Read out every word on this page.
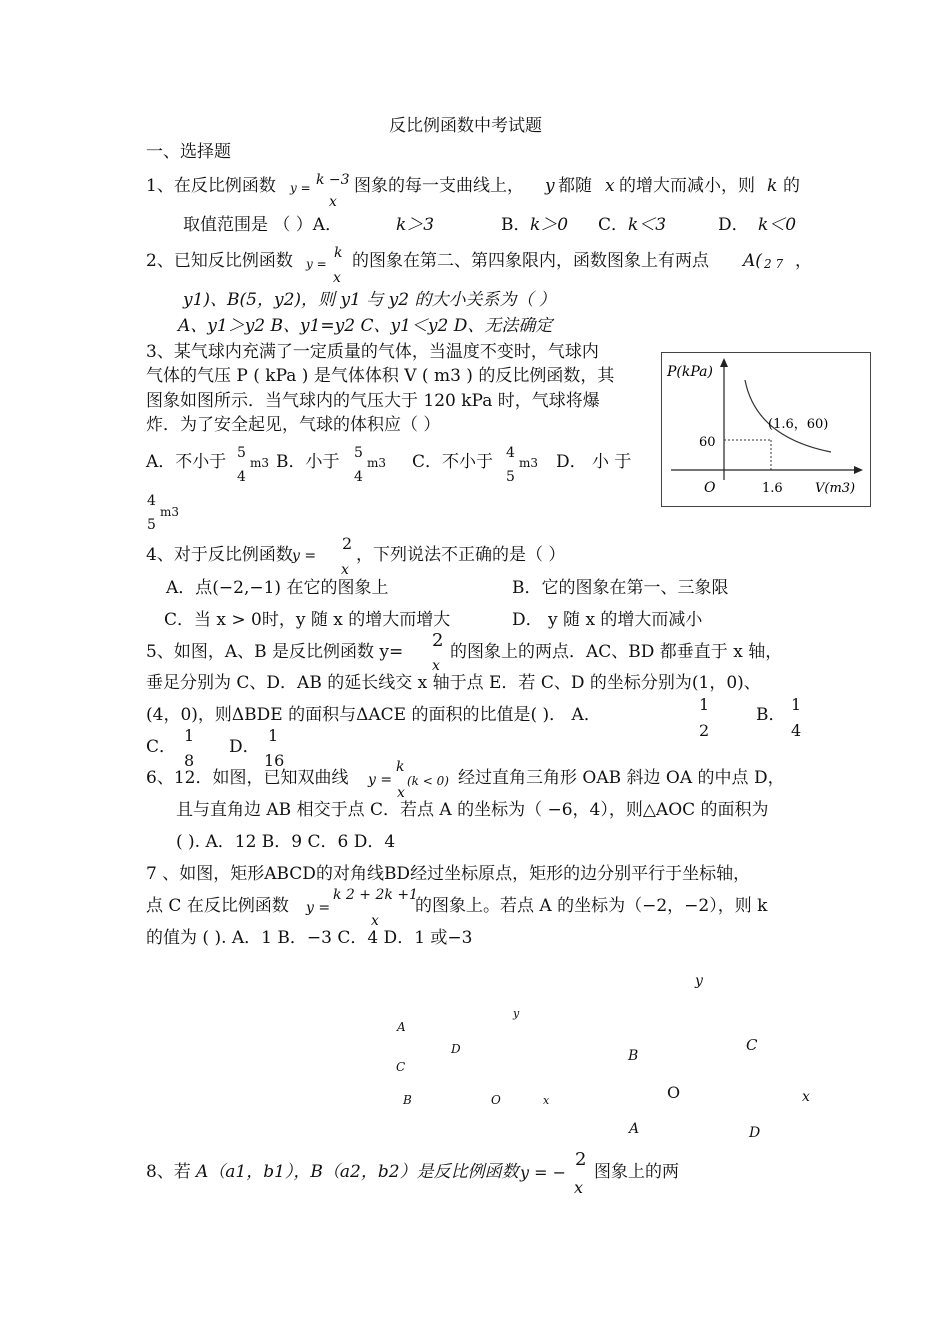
反比例函数中考试题
一、选择题
1、在反比例函数 y = k −3
x
图象的每一支曲线上， y 都随 x 的增大而减小，则 k 的
取值范围是 （ ）A．	k＞3	B． k＞0 C． k＜3	D． k＜0
2、已知反比例函数 y =
k
x
的图象在第二、第四象限内，函数图象上有两点 A( 2 7 ，
y1)、B(5，y2)，则 y1 与 y2 的大小关系为（ ）
A、y1＞y2 B、y1=y2 C、y1＜y2 D、无法确定
3、某气球内充满了一定质量的气体，当温度不变时，气球内
气体的气压 P ( kPa ) 是气体体积 V ( m3 ) 的反比例函数，其
图象如图所示．当气球内的气压大于 120 kPa 时，气球将爆
炸．为了安全起见，气球的体积应（ ）
A．不小于 5
4
m3 B．小于 5
4
m3 C．不小于 4
5
m3 D． 小 于
4
5
m3
P(kPa)
(1.6，60)
60
O	1.6 V(m3)
4、对于反比例函数 y =
2
x
，下列说法不正确的是（ ）
A．点(−2,−1) 在它的图象上	B．它的图象在第一、三象限
C．当 x > 0时，y 随 x 的增大而增大	D． y 随 x 的增大而减小
5、如图，A、B 是反比例函数 y=
2
x
的图象上的两点．AC、BD 都垂直于 x 轴，
垂足分别为 C、D．AB 的延长线交 x 轴于点 E．若 C、D 的坐标分别为(1，0)、
(4，0)，则ΔBDE 的面积与ΔACE 的面积的比值是( )． A．
1
2
B．
1
4
C．
1
8
D．
1
16
6、12．如图，已知双曲线 y =
k
x
(k < 0) 经过直角三角形 OAB 斜边 OA 的中点 D，
且与直角边 AB 相交于点 C．若点 A 的坐标为（ −6，4），则△AOC 的面积为
( ). A．12 B．9 C．6 D．4
7 、如图，矩形ABCD的对角线BD经过坐标原点，矩形的边分别平行于坐标轴，
点 C 在反比例函数 y =
k 2 + 2k +1
x
的图象上。若点 A 的坐标为（−2，−2），则 k
的值为 ( ). A．1 B．−3 C．4 D．1 或−3
y
A
D
C
B	O	x
y
C
B
O	x
A	D
8、若 A（a1，b1），B（a2，b2）是反比例函数 y = −
2
x
图象上的两
